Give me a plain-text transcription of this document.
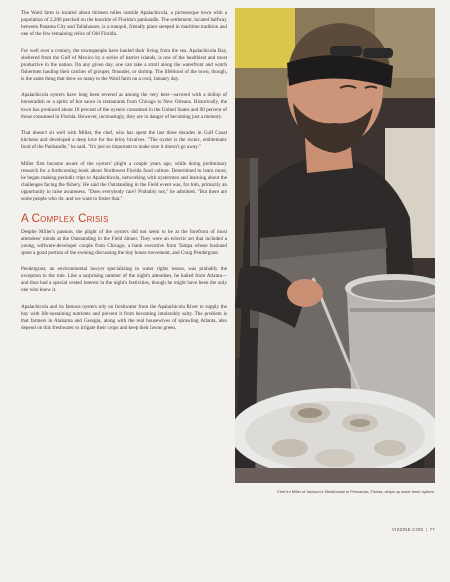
The Ward farm is located about thirteen miles outside Apalachicola, a picturesque town with a population of 2,200 perched on the knuckle of Florida's panhandle. The settlement, located halfway between Panama City and Tallahassee, is a tranquil, friendly place steeped in maritime tradition and one of the few remaining relics of Old Florida.

For well over a century, the townspeople have hauled their living from the sea. Apalachicola Bay, sheltered from the Gulf of Mexico by a series of barrier islands, is one of the healthiest and most productive in the nation. On any given day, one can take a stroll along the waterfront and watch fishermen hauling their catches of grouper, flounder, or shrimp. The lifeblood of the town, though, is the same thing that drew so many to the Ward farm on a cool, January day.

Apalachicola oysters have long been revered as among the very best—savored with a dollop of horseradish or a spritz of hot sauce in restaurants from Chicago to New Orleans. Historically, the town has produced about 10 percent of the oysters consumed in the United States and 90 percent of those consumed in Florida. However, increasingly, they are in danger of becoming just a memory.

That doesn't sit well with Miller, the chef, who has spent the last three decades in Gulf Coast kitchens and developed a deep love for the briny bivalves. "The oyster is the iconic, emblematic food of the Panhandle," he said. "It's just so important to make sure it doesn't go away."

Miller first became aware of the oysters' plight a couple years ago, while doing preliminary research for a forthcoming book about Northwest Florida food culture. Determined to learn more, he began making periodic trips to Apalachicola, networking with oystermen and learning about the challenges facing the fishery. He said the Outstanding in the Field event was, for him, primarily an opportunity to raise awareness. "Does everybody care? Probably not," he admitted. "But there are some people who do, and we want to foster that."

A Complex Crisis

Despite Miller's passion, the plight of the oysters did not seem to be at the forefront of most attendees' minds at the Outstanding in the Field dinner. They were an eclectic set that included a young, software-developer couple from Chicago, a bank executive from Tampa whose husband spent a good portion of the evening discussing the tiny house movement, and Craig Pendergrast.

Pendergrast, an environmental lawyer specializing in water rights issues, was probably the exception to the rule. Like a surprising number of the night's attendees, he hailed from Atlanta—and thus had a special vested interest in the night's festivities, though he might have been the only one who knew it.

Apalachicola and its famous oysters rely on freshwater from the Apalachicola River to supply the bay with life-sustaining nutrients and prevent it from becoming intolerably salty. The problem is that farmers in Alabama and Georgia, along with the real housewives of sprawling Atlanta, also depend on this freshwater to irrigate their crops and keep their lawns green.

Chef Irv Miller of Jackson's Steakhouse in Pensacola, Florida, whips up some fresh oysters.
VISZINE.COM | 77
